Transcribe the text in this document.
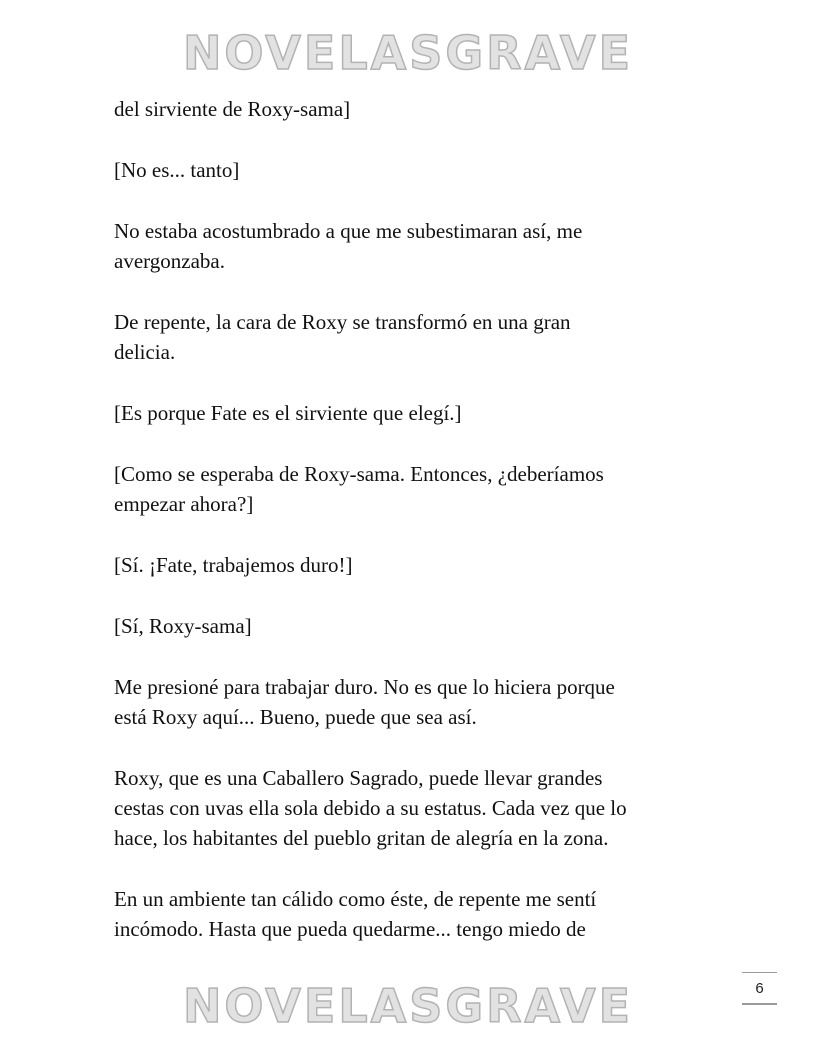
NOVELASGRAVE

del sirviente de Roxy-sama]

[No es... tanto]

No estaba acostumbrado a que me subestimaran así, me
avergonzaba.

De repente, la cara de Roxy se transformó en una gran
delicia.

[Es porque Fate es el sirviente que elegí.]

[Como se esperaba de Roxy-sama. Entonces, ¿deberíamos
empezar ahora?]

[Sí. ¡Fate, trabajemos duro!]

[Sí, Roxy-sama]

Me presioné para trabajar duro. No es que lo hiciera porque
está Roxy aquí... Bueno, puede que sea así.

Roxy, que es una Caballero Sagrado, puede llevar grandes
cestas con uvas ella sola debido a su estatus. Cada vez que lo
hace, los habitantes del pueblo gritan de alegría en la zona.

En un ambiente tan cálido como éste, de repente me sentí
incómodo. Hasta que pueda quedarme... tengo miedo de

6
NOVELASGRAVE
